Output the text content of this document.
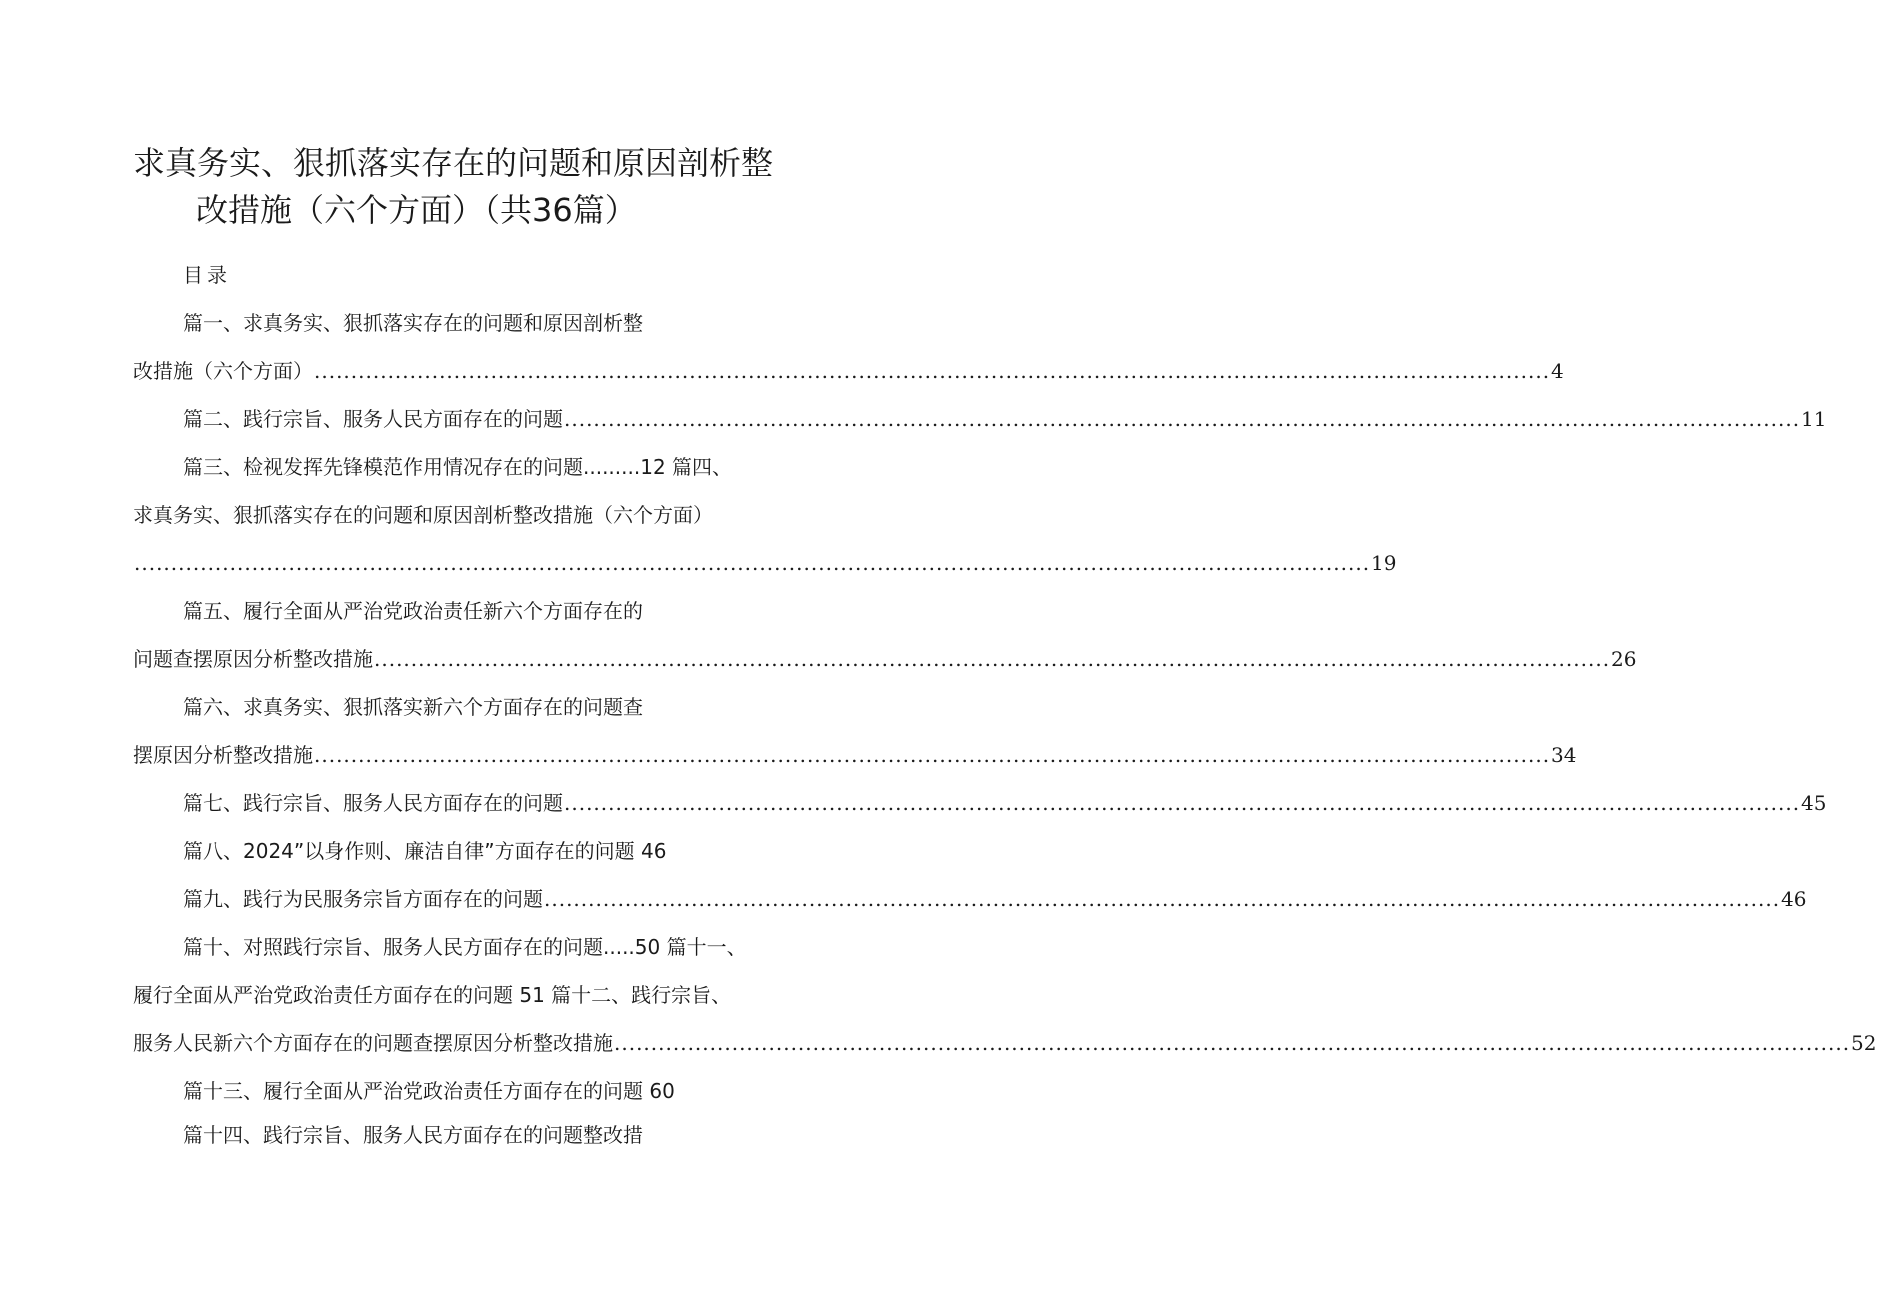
求真务实、狠抓落实存在的问题和原因剖析整
改措施（六个方面）（共36篇）
目录
篇一、求真务实、狠抓落实存在的问题和原因剖析整
改措施（六个方面） ........................................................................................................................................................................ 4
篇二、践行宗旨、服务人民方面存在的问题 ........................................................................................................................................................................ 11
篇三、检视发挥先锋模范作用情况存在的问题.........12 篇四、
求真务实、狠抓落实存在的问题和原因剖析整改措施（六个方面）
........................................................................................................................................................................ 19
篇五、履行全面从严治党政治责任新六个方面存在的
问题查摆原因分析整改措施 ........................................................................................................................................................................ 26
篇六、求真务实、狠抓落实新六个方面存在的问题查
摆原因分析整改措施 ........................................................................................................................................................................ 34
篇七、践行宗旨、服务人民方面存在的问题 ........................................................................................................................................................................ 45
篇八、2024”以身作则、廉洁自律”方面存在的问题 46
篇九、践行为民服务宗旨方面存在的问题 ........................................................................................................................................................................ 46
篇十、对照践行宗旨、服务人民方面存在的问题.....50 篇十一、
履行全面从严治党政治责任方面存在的问题 51 篇十二、践行宗旨、
服务人民新六个方面存在的问题查摆原因分析整改措施 ........................................................................................................................................................................ 52
篇十三、履行全面从严治党政治责任方面存在的问题 60
篇十四、践行宗旨、服务人民方面存在的问题整改措
